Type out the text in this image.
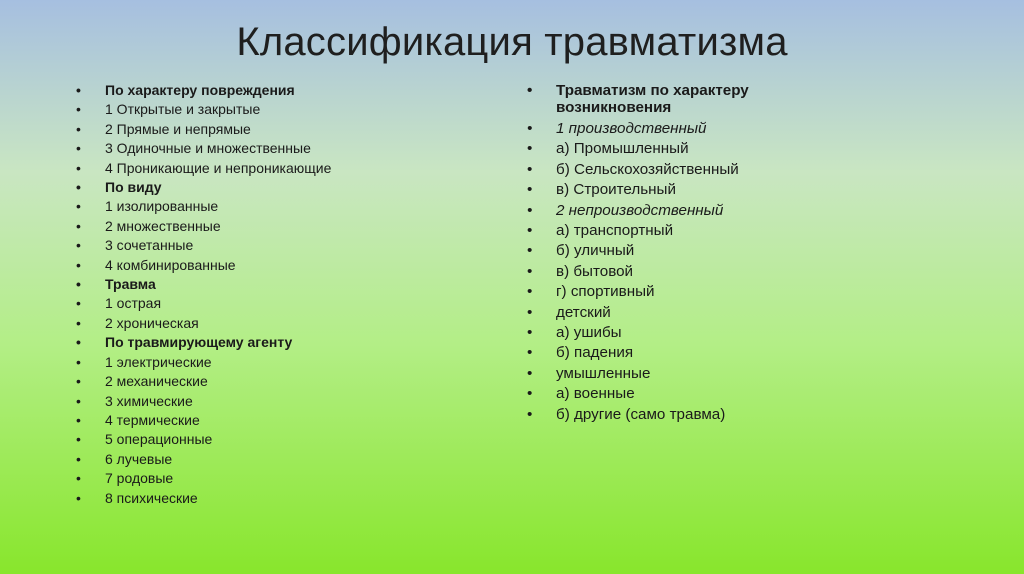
Классификация травматизма
• По характеру повреждения
• 1 Открытые и закрытые
• 2 Прямые и непрямые
• 3 Одиночные и множественные
• 4 Проникающие и непроникающие
• По виду
• 1 изолированные
• 2 множественные
• 3 сочетанные
• 4 комбинированные
• Травма
• 1 острая
• 2 хроническая
• По травмирующему агенту
• 1 электрические
• 2 механические
• 3 химические
• 4 термические
• 5 операционные
• 6 лучевые
• 7 родовые
• 8 психические
• Травматизм по характеру возникновения
• 1 производственный
• а) Промышленный
• б) Сельскохозяйственный
• в) Строительный
• 2 непроизводственный
• а) транспортный
• б) уличный
• в) бытовой
• г) спортивный
• детский
• а) ушибы
• б) падения
• умышленные
• а) военные
• б) другие (само травма)
